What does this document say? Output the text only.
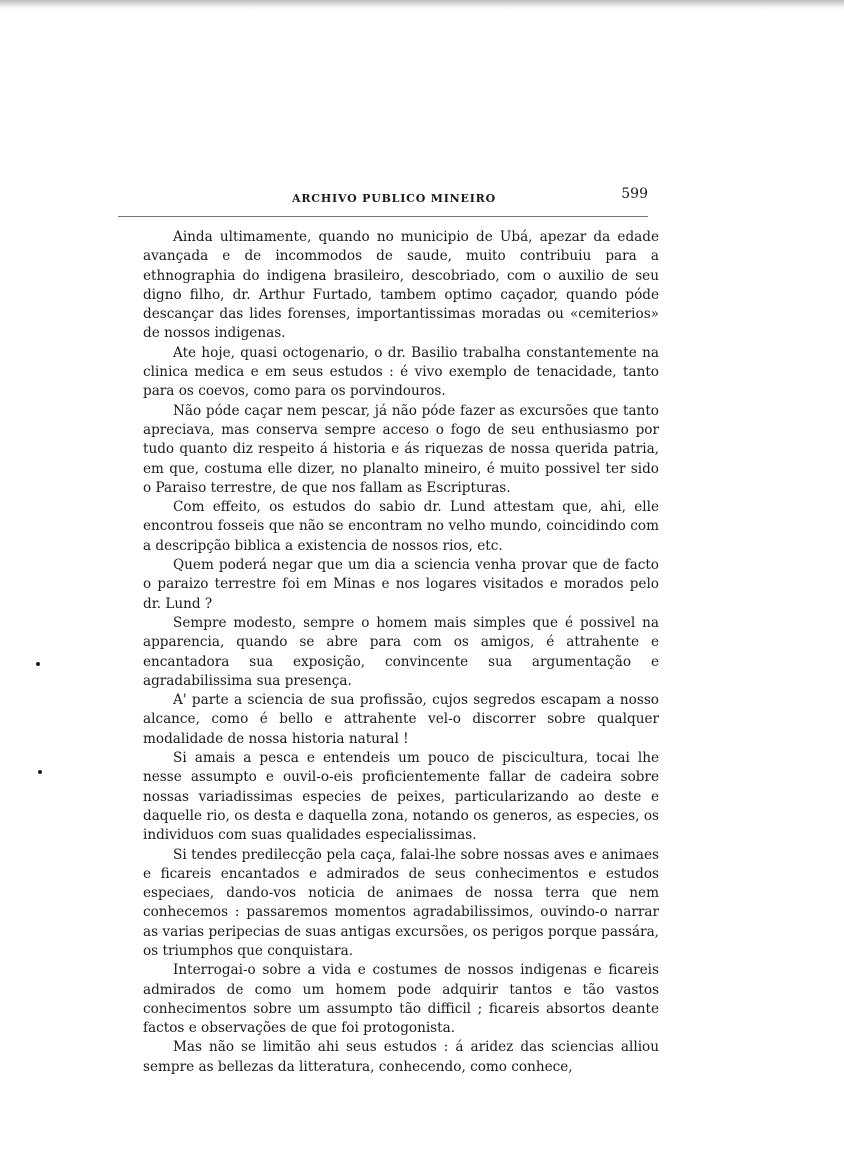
ARCHIVO PUBLICO MINEIRO	599

Ainda ultimamente, quando no municipio de Ubá, apezar da edade avançada e de incommodos de saude, muito contribuiu para a ethnographia do indigena brasileiro, descobriado, com o auxilio de seu digno filho, dr. Arthur Furtado, tambem optimo caçador, quando póde descançar das lides forenses, importantissimas moradas ou «cemiterios» de nossos indigenas.

Ate hoje, quasi octogenario, o dr. Basilio trabalha constantemente na clinica medica e em seus estudos : é vivo exemplo de tenacidade, tanto para os coevos, como para os porvindouros.

Não póde caçar nem pescar, já não póde fazer as excursões que tanto apreciava, mas conserva sempre acceso o fogo de seu enthusiasmo por tudo quanto diz respeito á historia e ás riquezas de nossa querida patria, em que, costuma elle dizer, no planalto mineiro, é muito possivel ter sido o Paraiso terrestre, de que nos fallam as Escripturas.

Com effeito, os estudos do sabio dr. Lund attestam que, ahi, elle encontrou fosseis que não se encontram no velho mundo, coincidindo com a descripção biblica a existencia de nossos rios, etc.

Quem poderá negar que um dia a sciencia venha provar que de facto o paraizo terrestre foi em Minas e nos logares visitados e morados pelo dr. Lund ?

Sempre modesto, sempre o homem mais simples que é possivel na apparencia, quando se abre para com os amigos, é attrahente e encantadora sua exposição, convincente sua argumentação e agradabilissima sua presença.

A' parte a sciencia de sua profissão, cujos segredos escapam a nosso alcance, como é bello e attrahente vel-o discorrer sobre qualquer modalidade de nossa historia natural !

Si amais a pesca e entendeis um pouco de piscicultura, tocai lhe nesse assumpto e ouvil-o-eis proficientemente fallar de cadeira sobre nossas variadissimas especies de peixes, particularizando ao deste e daquelle rio, os desta e daquella zona, notando os generos, as especies, os individuos com suas qualidades especialissimas.

Si tendes predilecção pela caça, falai-lhe sobre nossas aves e animaes e ficareis encantados e admirados de seus conhecimentos e estudos especiaes, dando-vos noticia de animaes de nossa terra que nem conhecemos : passaremos momentos agradabilissimos, ouvindo-o narrar as varias peripecias de suas antigas excursões, os perigos porque passára, os triumphos que conquistara.

Interrogai-o sobre a vida e costumes de nossos indigenas e ficareis admirados de como um homem pode adquirir tantos e tão vastos conhecimentos sobre um assumpto tão difficil ; ficareis absortos deante factos e observações de que foi protogonista.

Mas não se limitão ahi seus estudos : á aridez das sciencias alliou sempre as bellezas da litteratura, conhecendo, como conhece,
